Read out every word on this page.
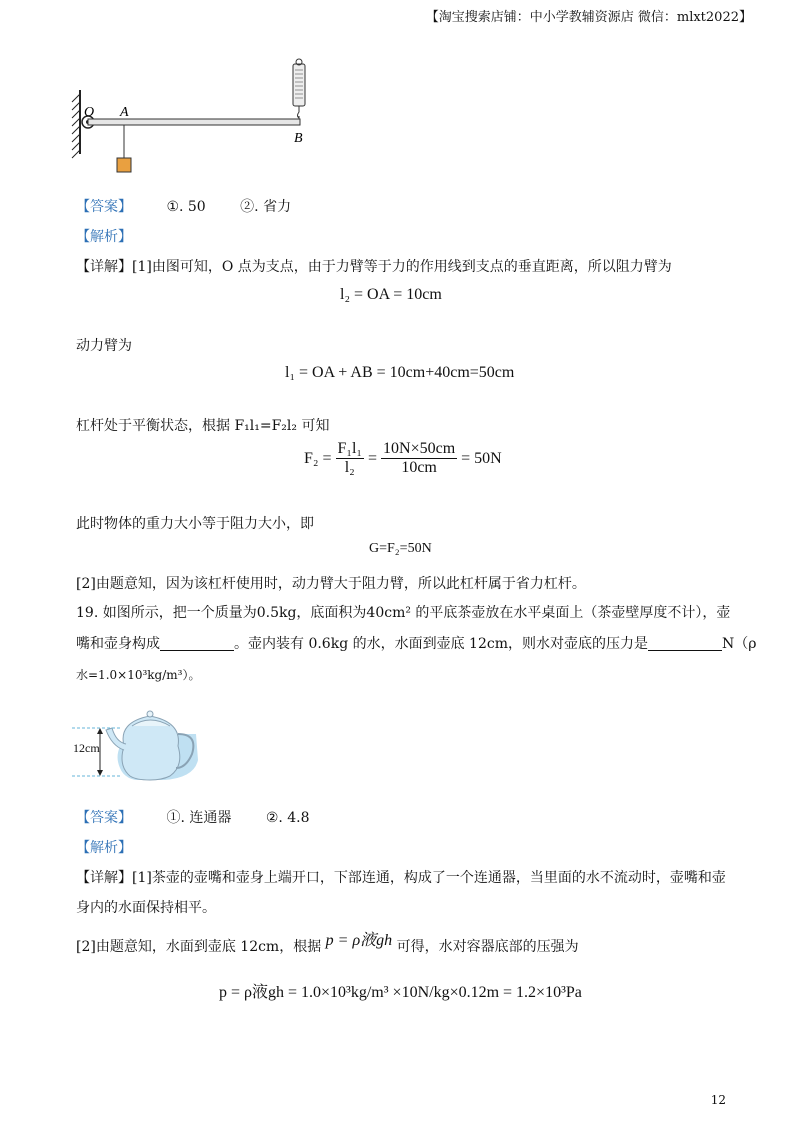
【淘宝搜索店铺：中小学教辅资源店 微信：mlxt2022】
O A
B
【答案】 ①. 50 ②. 省力
【解析】
【详解】[1]由图可知，O 点为支点，由于力臂等于力的作用线到支点的垂直距离，所以阻力臂为
l₂ = OA = 10cm
动力臂为
l₁ = OA + AB = 10cm+40cm=50cm
杠杆处于平衡状态，根据 F₁l₁=F₂l₂ 可知
$F_2 = \frac{\text{F₁l₁}}{\text{l₂}} = \frac{10N\times 50cm}{10cm} = 50N$
此时物体的重力大小等于阻力大小，即
G=F₂=50N
[2]由题意知，因为该杠杆使用时，动力臂大于阻力臂，所以此杠杆属于省力杠杆。
19. 如图所示，把一个质量为0.5kg，底面积为40cm² 的平底茶壶放在水平桌面上（茶壶壁厚度不计），壶
嘴和壶身构成	。壶内装有 0.6kg 的水，水面到壶底 12cm，则水对壶底的压力是	N（ρ
水=1.0×10³kg/m³）。
12cm
【答案】 ①. 连通器 ②. 4.8
【解析】
【详解】[1]茶壶的壶嘴和壶身上端开口，下部连通，构成了一个连通器，当里面的水不流动时，壶嘴和壶
身内的水面保持相平。
[2]由题意知，水面到壶底 12cm，根据 p = ρ液gh 可得，水对容器底部的压强为
p = ρ液gh = 1.0×10³kg/m³ ×10N/kg×0.12m = 1.2×10³Pa
12
